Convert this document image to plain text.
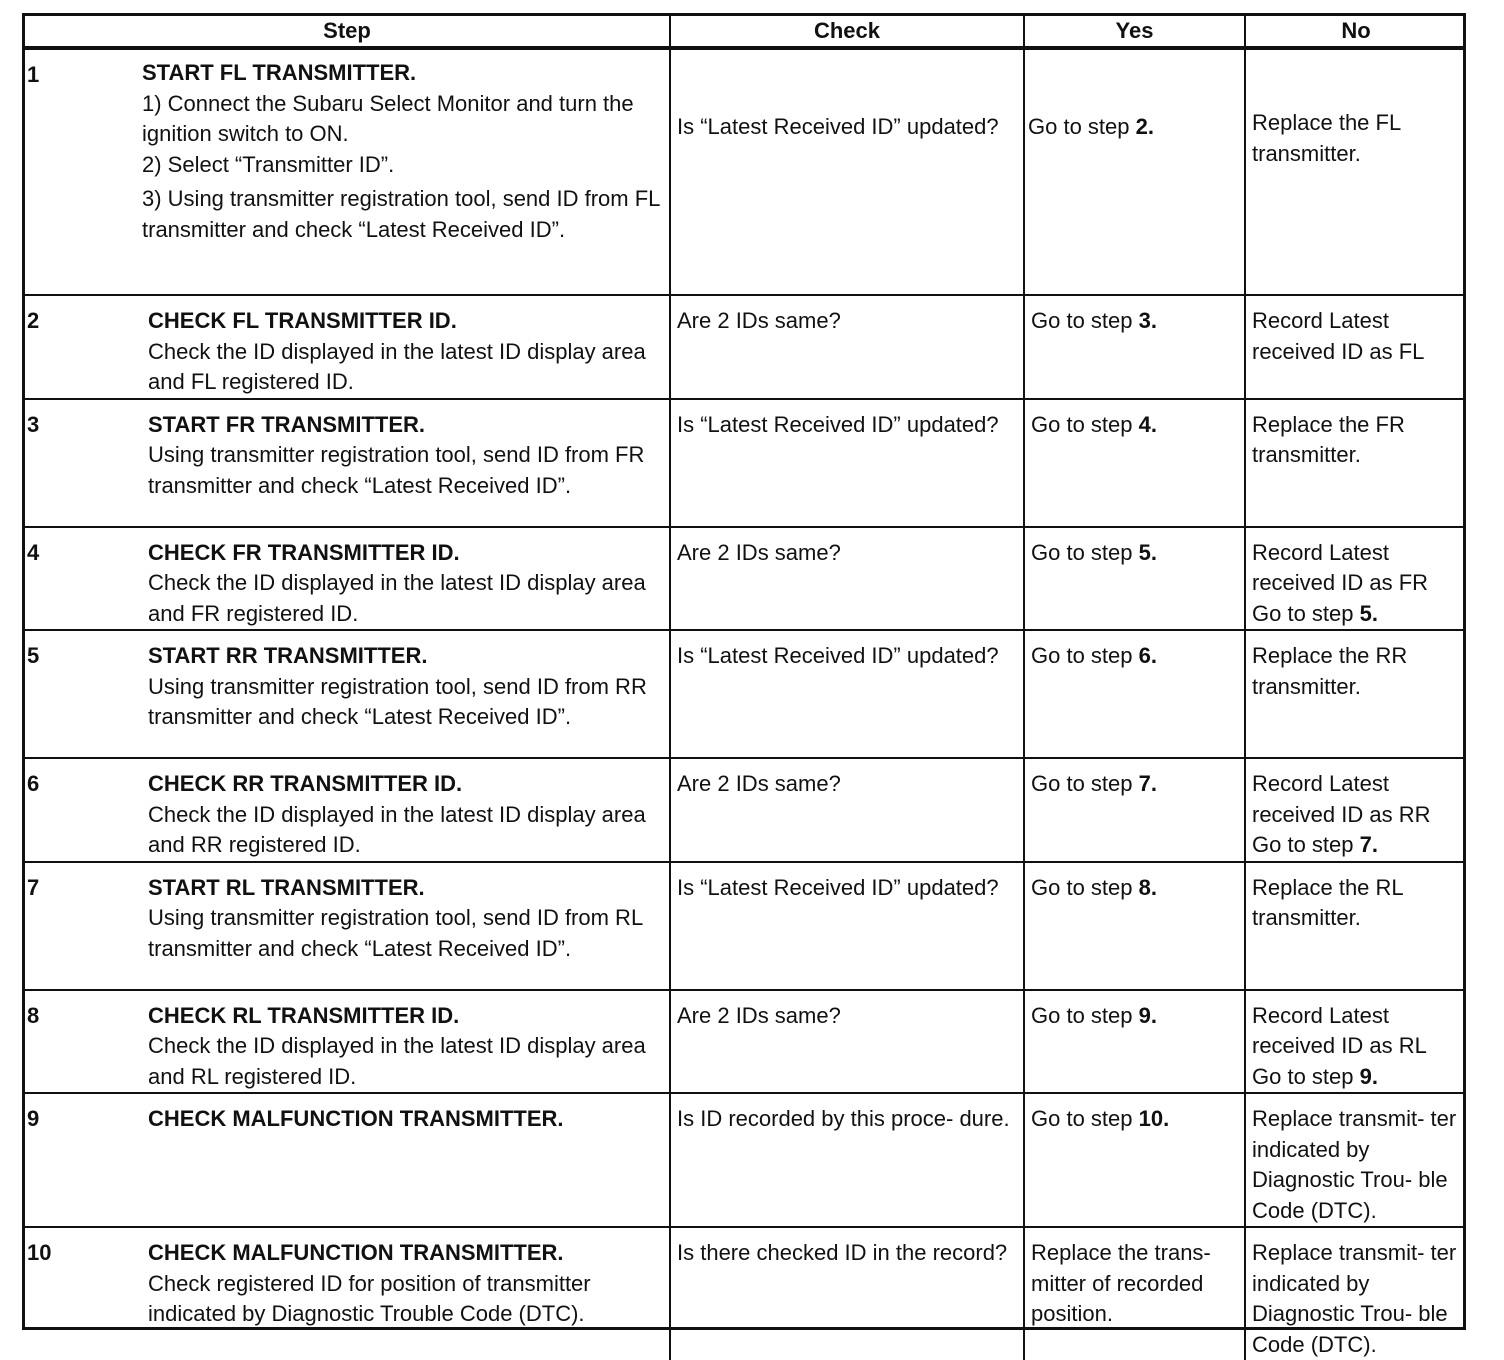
Step	Check	Yes	No

1 START FL TRANSMITTER.
1) Connect the Subaru Select Monitor and turn the ignition switch to ON.
2) Select “Transmitter ID”.
3) Using transmitter registration tool, send ID from FL transmitter and check “Latest Received ID”.	Is “Latest Received ID” updated?	Go to step 2.	Replace the FL transmitter.

2 CHECK FL TRANSMITTER ID.
Check the ID displayed in the latest ID display area and FL registered ID.	Are 2 IDs same?	Go to step 3.	Record Latest received ID as FL

3 START FR TRANSMITTER.
Using transmitter registration tool, send ID from FR transmitter and check “Latest Received ID”.	Is “Latest Received ID” updated?	Go to step 4.	Replace the FR transmitter.

4 CHECK FR TRANSMITTER ID.
Check the ID displayed in the latest ID display area and FR registered ID.	Are 2 IDs same?	Go to step 5.	Record Latest received ID as FR
Go to step 5.

5 START RR TRANSMITTER.
Using transmitter registration tool, send ID from RR transmitter and check “Latest Received ID”.	Is “Latest Received ID” updated?	Go to step 6.	Replace the RR transmitter.

6 CHECK RR TRANSMITTER ID.
Check the ID displayed in the latest ID display area and RR registered ID.	Are 2 IDs same?	Go to step 7.	Record Latest received ID as RR
Go to step 7.

7 START RL TRANSMITTER.
Using transmitter registration tool, send ID from RL transmitter and check “Latest Received ID”.	Is “Latest Received ID” updated?	Go to step 8.	Replace the RL transmitter.

8 CHECK RL TRANSMITTER ID.
Check the ID displayed in the latest ID display area and RL registered ID.	Are 2 IDs same?	Go to step 9.	Record Latest received ID as RL
Go to step 9.

9 CHECK MALFUNCTION TRANSMITTER.	Is ID recorded by this proce- dure.	Go to step 10.	Replace transmit- ter indicated by Diagnostic Trou- ble Code (DTC).

10 CHECK MALFUNCTION TRANSMITTER.
Check registered ID for position of transmitter indicated by Diagnostic Trouble Code (DTC).	Is there checked ID in the record?	Replace the trans- mitter of recorded position.	Replace transmit- ter indicated by Diagnostic Trou- ble Code (DTC).
